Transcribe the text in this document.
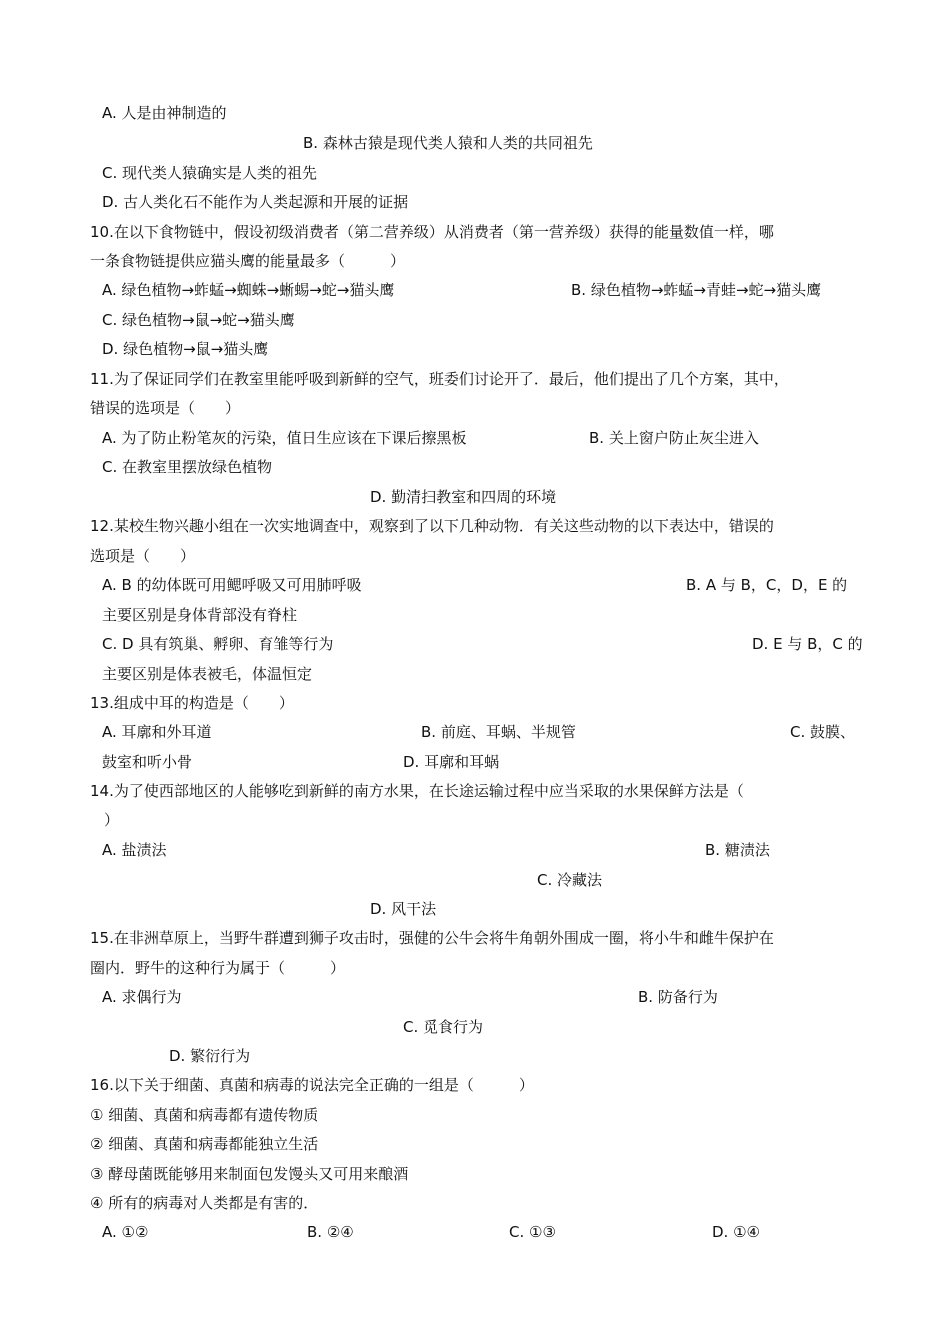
A. 人是由神制造的
B. 森林古猿是现代类人猿和人类的共同祖先
C. 现代类人猿确实是人类的祖先
D. 古人类化石不能作为人类起源和开展的证据
10.在以下食物链中，假设初级消费者（第二营养级）从消费者（第一营养级）获得的能量数值一样，哪
一条食物链提供应猫头鹰的能量最多（　　　）
A. 绿色植物→蚱蜢→蜘蛛→蜥蜴→蛇→猫头鹰	B. 绿色植物→蚱蜢→青蛙→蛇→猫头鹰
C. 绿色植物→鼠→蛇→猫头鹰
D. 绿色植物→鼠→猫头鹰
11.为了保证同学们在教室里能呼吸到新鲜的空气，班委们讨论开了．最后，他们提出了几个方案，其中，
错误的选项是（　　）
A. 为了防止粉笔灰的污染，值日生应该在下课后擦黑板	B. 关上窗户防止灰尘进入
C. 在教室里摆放绿色植物
D. 勤清扫教室和四周的环境
12.某校生物兴趣小组在一次实地调查中，观察到了以下几种动物．有关这些动物的以下表达中，错误的
选项是（　　）
A. B 的幼体既可用鳃呼吸又可用肺呼吸	B. A 与 B，C，D，E 的
主要区别是身体背部没有脊柱
C. D 具有筑巢、孵卵、育雏等行为	D. E 与 B，C 的
主要区别是体表被毛，体温恒定
13.组成中耳的构造是（　　）
A. 耳廓和外耳道	B. 前庭、耳蜗、半规管	C. 鼓膜、
鼓室和听小骨	D. 耳廓和耳蜗
14.为了使西部地区的人能够吃到新鲜的南方水果，在长途运输过程中应当采取的水果保鲜方法是（
）
A. 盐渍法	B. 糖渍法
C. 冷藏法
D. 风干法
15.在非洲草原上，当野牛群遭到狮子攻击时，强健的公牛会将牛角朝外围成一圈，将小牛和雌牛保护在
圈内．野牛的这种行为属于（　　　）
A. 求偶行为	B. 防备行为
C. 觅食行为
D. 繁衍行为
16.以下关于细菌、真菌和病毒的说法完全正确的一组是（　　　）
① 细菌、真菌和病毒都有遗传物质
② 细菌、真菌和病毒都能独立生活
③ 酵母菌既能够用来制面包发馒头又可用来酿酒
④ 所有的病毒对人类都是有害的．
A. ①②	B. ②④	C. ①③	D. ①④
